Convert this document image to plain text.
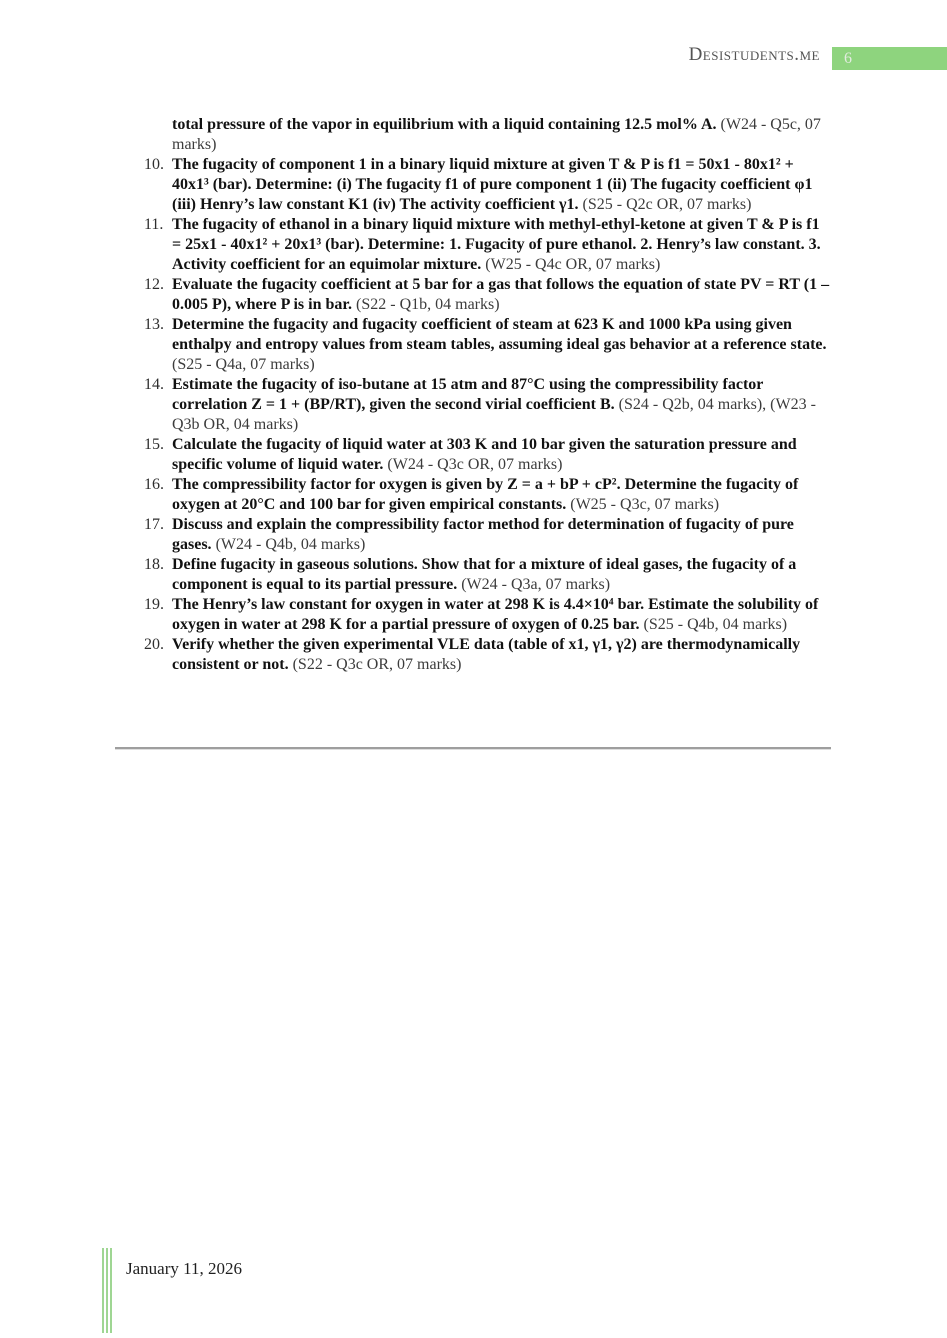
Desistudents.me	6
total pressure of the vapor in equilibrium with a liquid containing 12.5 mol% A. (W24 - Q5c, 07 marks)
10. The fugacity of component 1 in a binary liquid mixture at given T & P is f1 = 50x1 - 80x1² + 40x1³ (bar). Determine: (i) The fugacity f1 of pure component 1 (ii) The fugacity coefficient φ1 (iii) Henry’s law constant K1 (iv) The activity coefficient γ1. (S25 - Q2c OR, 07 marks)
11. The fugacity of ethanol in a binary liquid mixture with methyl-ethyl-ketone at given T & P is f1 = 25x1 - 40x1² + 20x1³ (bar). Determine: 1. Fugacity of pure ethanol. 2. Henry’s law constant. 3. Activity coefficient for an equimolar mixture. (W25 - Q4c OR, 07 marks)
12. Evaluate the fugacity coefficient at 5 bar for a gas that follows the equation of state PV = RT (1 – 0.005 P), where P is in bar. (S22 - Q1b, 04 marks)
13. Determine the fugacity and fugacity coefficient of steam at 623 K and 1000 kPa using given enthalpy and entropy values from steam tables, assuming ideal gas behavior at a reference state. (S25 - Q4a, 07 marks)
14. Estimate the fugacity of iso-butane at 15 atm and 87°C using the compressibility factor correlation Z = 1 + (BP/RT), given the second virial coefficient B. (S24 - Q2b, 04 marks), (W23 - Q3b OR, 04 marks)
15. Calculate the fugacity of liquid water at 303 K and 10 bar given the saturation pressure and specific volume of liquid water. (W24 - Q3c OR, 07 marks)
16. The compressibility factor for oxygen is given by Z = a + bP + cP². Determine the fugacity of oxygen at 20°C and 100 bar for given empirical constants. (W25 - Q3c, 07 marks)
17. Discuss and explain the compressibility factor method for determination of fugacity of pure gases. (W24 - Q4b, 04 marks)
18. Define fugacity in gaseous solutions. Show that for a mixture of ideal gases, the fugacity of a component is equal to its partial pressure. (W24 - Q3a, 07 marks)
19. The Henry’s law constant for oxygen in water at 298 K is 4.4×10⁴ bar. Estimate the solubility of oxygen in water at 298 K for a partial pressure of oxygen of 0.25 bar. (S25 - Q4b, 04 marks)
20. Verify whether the given experimental VLE data (table of x1, γ1, γ2) are thermodynamically consistent or not. (S22 - Q3c OR, 07 marks)
January 11, 2026
